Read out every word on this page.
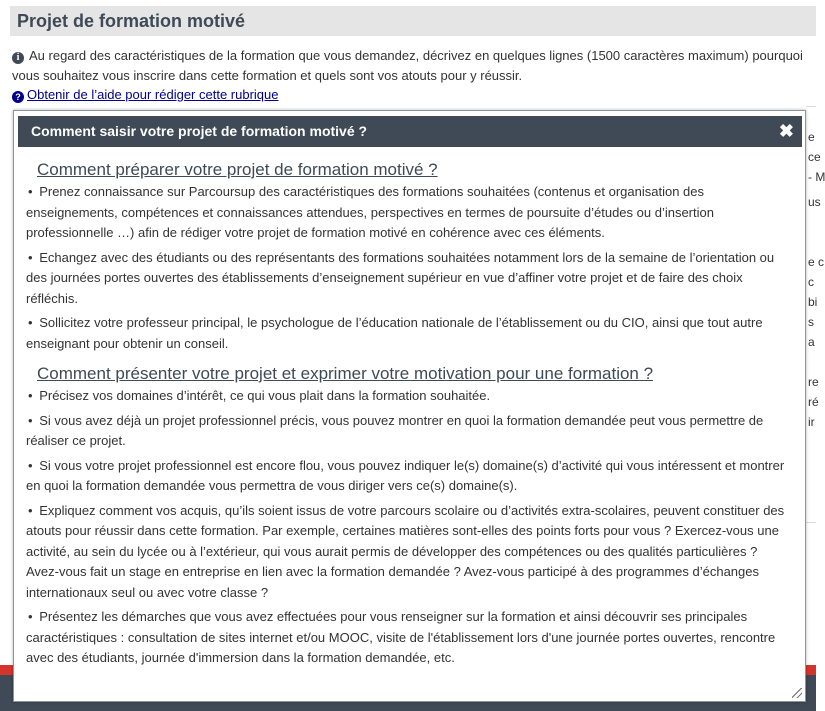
Projet de formation motivé
i Au regard des caractéristiques de la formation que vous demandez, décrivez en quelques lignes (1500 caractères maximum) pourquoi vous souhaitez vous inscrire dans cette formation et quels sont vos atouts pour y réussir.
? Obtenir de l’aide pour rédiger cette rubrique
e
ce
- M
us
e c
c
bi
s
a
re
ré
ir
Comment saisir votre projet de formation motivé ?	✖
Comment préparer votre projet de formation motivé ?

• Prenez connaissance sur Parcoursup des caractéristiques des formations souhaitées (contenus et organisation des enseignements, compétences et connaissances attendues, perspectives en termes de poursuite d’études ou d’insertion professionnelle …) afin de rédiger votre projet de formation motivé en cohérence avec ces éléments.

• Echangez avec des étudiants ou des représentants des formations souhaitées notamment lors de la semaine de l’orientation ou des journées portes ouvertes des établissements d’enseignement supérieur en vue d’affiner votre projet et de faire des choix réfléchis.

• Sollicitez votre professeur principal, le psychologue de l’éducation nationale de l’établissement ou du CIO, ainsi que tout autre enseignant pour obtenir un conseil.

Comment présenter votre projet et exprimer votre motivation pour une formation ?

• Précisez vos domaines d’intérêt, ce qui vous plait dans la formation souhaitée.

• Si vous avez déjà un projet professionnel précis, vous pouvez montrer en quoi la formation demandée peut vous permettre de réaliser ce projet.

• Si vous votre projet professionnel est encore flou, vous pouvez indiquer le(s) domaine(s) d’activité qui vous intéressent et montrer en quoi la formation demandée vous permettra de vous diriger vers ce(s) domaine(s).

• Expliquez comment vos acquis, qu’ils soient issus de votre parcours scolaire ou d’activités extra-scolaires, peuvent constituer des atouts pour réussir dans cette formation. Par exemple, certaines matières sont-elles des points forts pour vous ? Exercez-vous une activité, au sein du lycée ou à l’extérieur, qui vous aurait permis de développer des compétences ou des qualités particulières ? Avez-vous fait un stage en entreprise en lien avec la formation demandée ? Avez-vous participé à des programmes d’échanges internationaux seul ou avec votre classe ?

• Présentez les démarches que vous avez effectuées pour vous renseigner sur la formation et ainsi découvrir ses principales caractéristiques : consultation de sites internet et/ou MOOC, visite de l'établissement lors d'une journée portes ouvertes, rencontre avec des étudiants, journée d'immersion dans la formation demandée, etc.
